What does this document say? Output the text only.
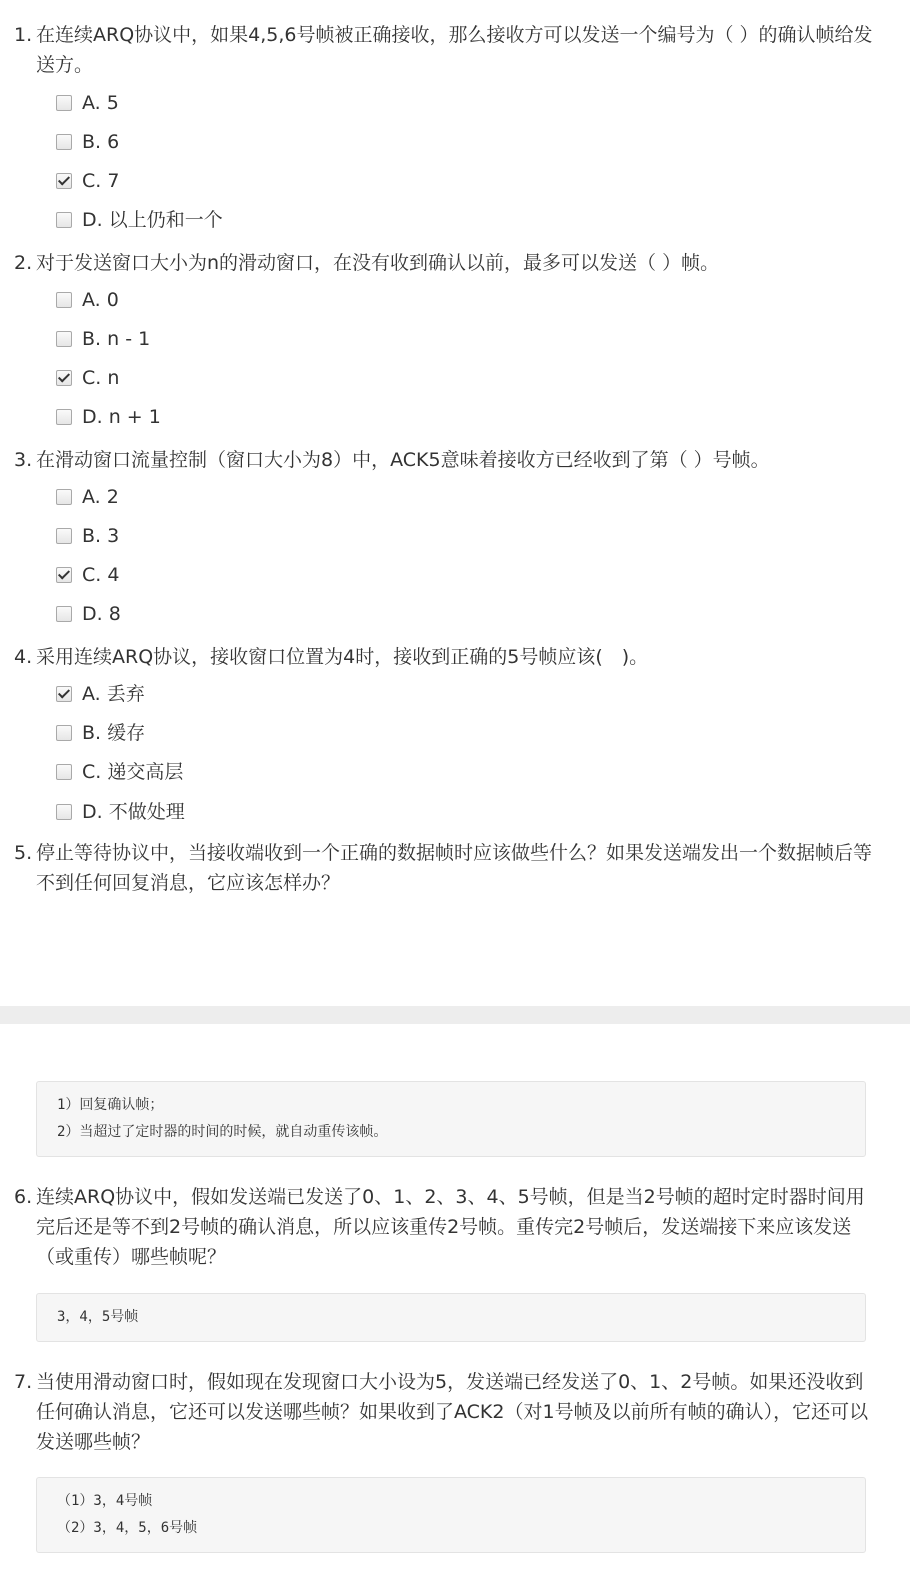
1. 在连续ARQ协议中，如果4,5,6号帧被正确接收，那么接收方可以发送一个编号为（ ）的确认帧给发送方。
A. 5
B. 6
C. 7
D. 以上仍和一个
2. 对于发送窗口大小为n的滑动窗口，在没有收到确认以前，最多可以发送（ ）帧。
A. 0
B. n - 1
C. n
D. n + 1
3. 在滑动窗口流量控制（窗口大小为8）中，ACK5意味着接收方已经收到了第（ ）号帧。
A. 2
B. 3
C. 4
D. 8
4. 采用连续ARQ协议，接收窗口位置为4时，接收到正确的5号帧应该(　)。
A. 丢弃
B. 缓存
C. 递交高层
D. 不做处理
5. 停止等待协议中，当接收端收到一个正确的数据帧时应该做些什么？如果发送端发出一个数据帧后等不到任何回复消息，它应该怎样办？
1）回复确认帧；
2）当超过了定时器的时间的时候，就自动重传该帧。
6. 连续ARQ协议中，假如发送端已发送了0、1、2、3、4、5号帧，但是当2号帧的超时定时器时间用完后还是等不到2号帧的确认消息，所以应该重传2号帧。重传完2号帧后，发送端接下来应该发送（或重传）哪些帧呢？
3，4，5号帧
7. 当使用滑动窗口时，假如现在发现窗口大小设为5，发送端已经发送了0、1、2号帧。如果还没收到任何确认消息，它还可以发送哪些帧？如果收到了ACK2（对1号帧及以前所有帧的确认），它还可以发送哪些帧？
（1）3，4号帧
（2）3，4，5，6号帧
